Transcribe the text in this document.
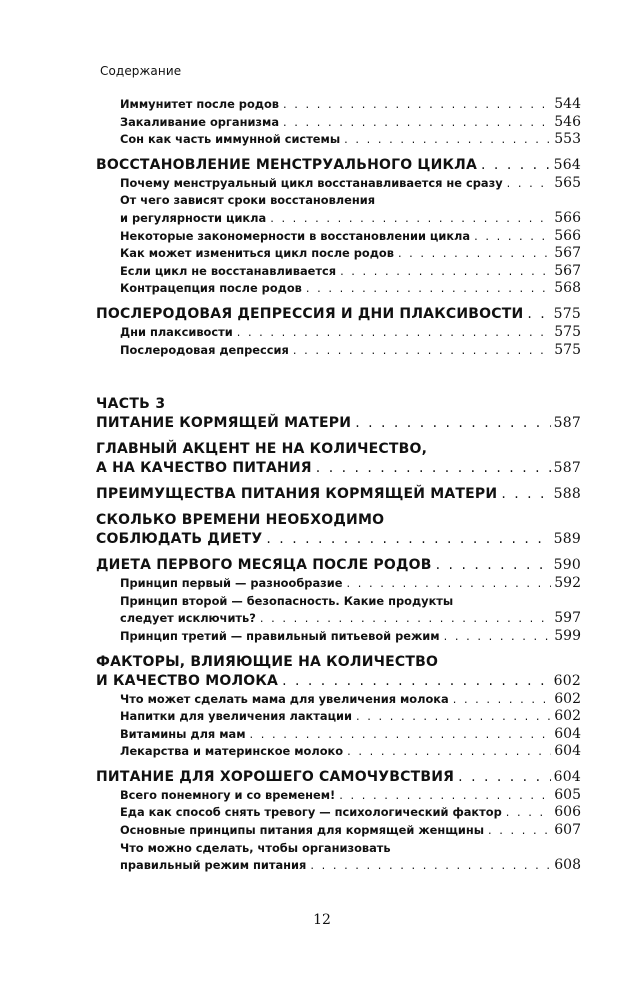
Содержание
Иммунитет после родов . . .	544
Закаливание организма . . .	546
Сон как часть иммунной системы . . .	553
ВОССТАНОВЛЕНИЕ МЕНСТРУАЛЬНОГО ЦИКЛА . . .	564
Почему менструальный цикл восстанавливается не сразу . . .	565
От чего зависят сроки восстановления
и регулярности цикла . . .	566
Некоторые закономерности в восстановлении цикла . . .	566
Как может измениться цикл после родов . . .	567
Если цикл не восстанавливается . . .	567
Контрацепция после родов . . .	568
ПОСЛЕРОДОВАЯ ДЕПРЕССИЯ И ДНИ ПЛАКСИВОСТИ . . . 575
Дни плаксивости . . .	575
Послеродовая депрессия . . .	575
ЧАСТЬ 3
ПИТАНИЕ КОРМЯЩЕЙ МАТЕРИ . . .	587
ГЛАВНЫЙ АКЦЕНТ НЕ НА КОЛИЧЕСТВО,
А НА КАЧЕСТВО ПИТАНИЯ . . .	587
ПРЕИМУЩЕСТВА ПИТАНИЯ КОРМЯЩЕЙ МАТЕРИ . . .	588
СКОЛЬКО ВРЕМЕНИ НЕОБХОДИМО
СОБЛЮДАТЬ ДИЕТУ . . .	589
ДИЕТА ПЕРВОГО МЕСЯЦА ПОСЛЕ РОДОВ . . .	590
Принцип первый — разнообразие . . .	592
Принцип второй — безопасность. Какие продукты
следует исключить? . . .	597
Принцип третий — правильный питьевой режим . . .	599
ФАКТОРЫ, ВЛИЯЮЩИЕ НА КОЛИЧЕСТВО
И КАЧЕСТВО МОЛОКА . . .	602
Что может сделать мама для увеличения молока . . .	602
Напитки для увеличения лактации . . .	602
Витамины для мам . . .	604
Лекарства и материнское молоко . . .	604
ПИТАНИЕ ДЛЯ ХОРОШЕГО САМОЧУВСТВИЯ . . .	604
Всего понемногу и со временем! . . .	605
Еда как способ снять тревогу — психологический фактор . . .	606
Основные принципы питания для кормящей женщины . . .	607
Что можно сделать, чтобы организовать
правильный режим питания . . .	608
12
